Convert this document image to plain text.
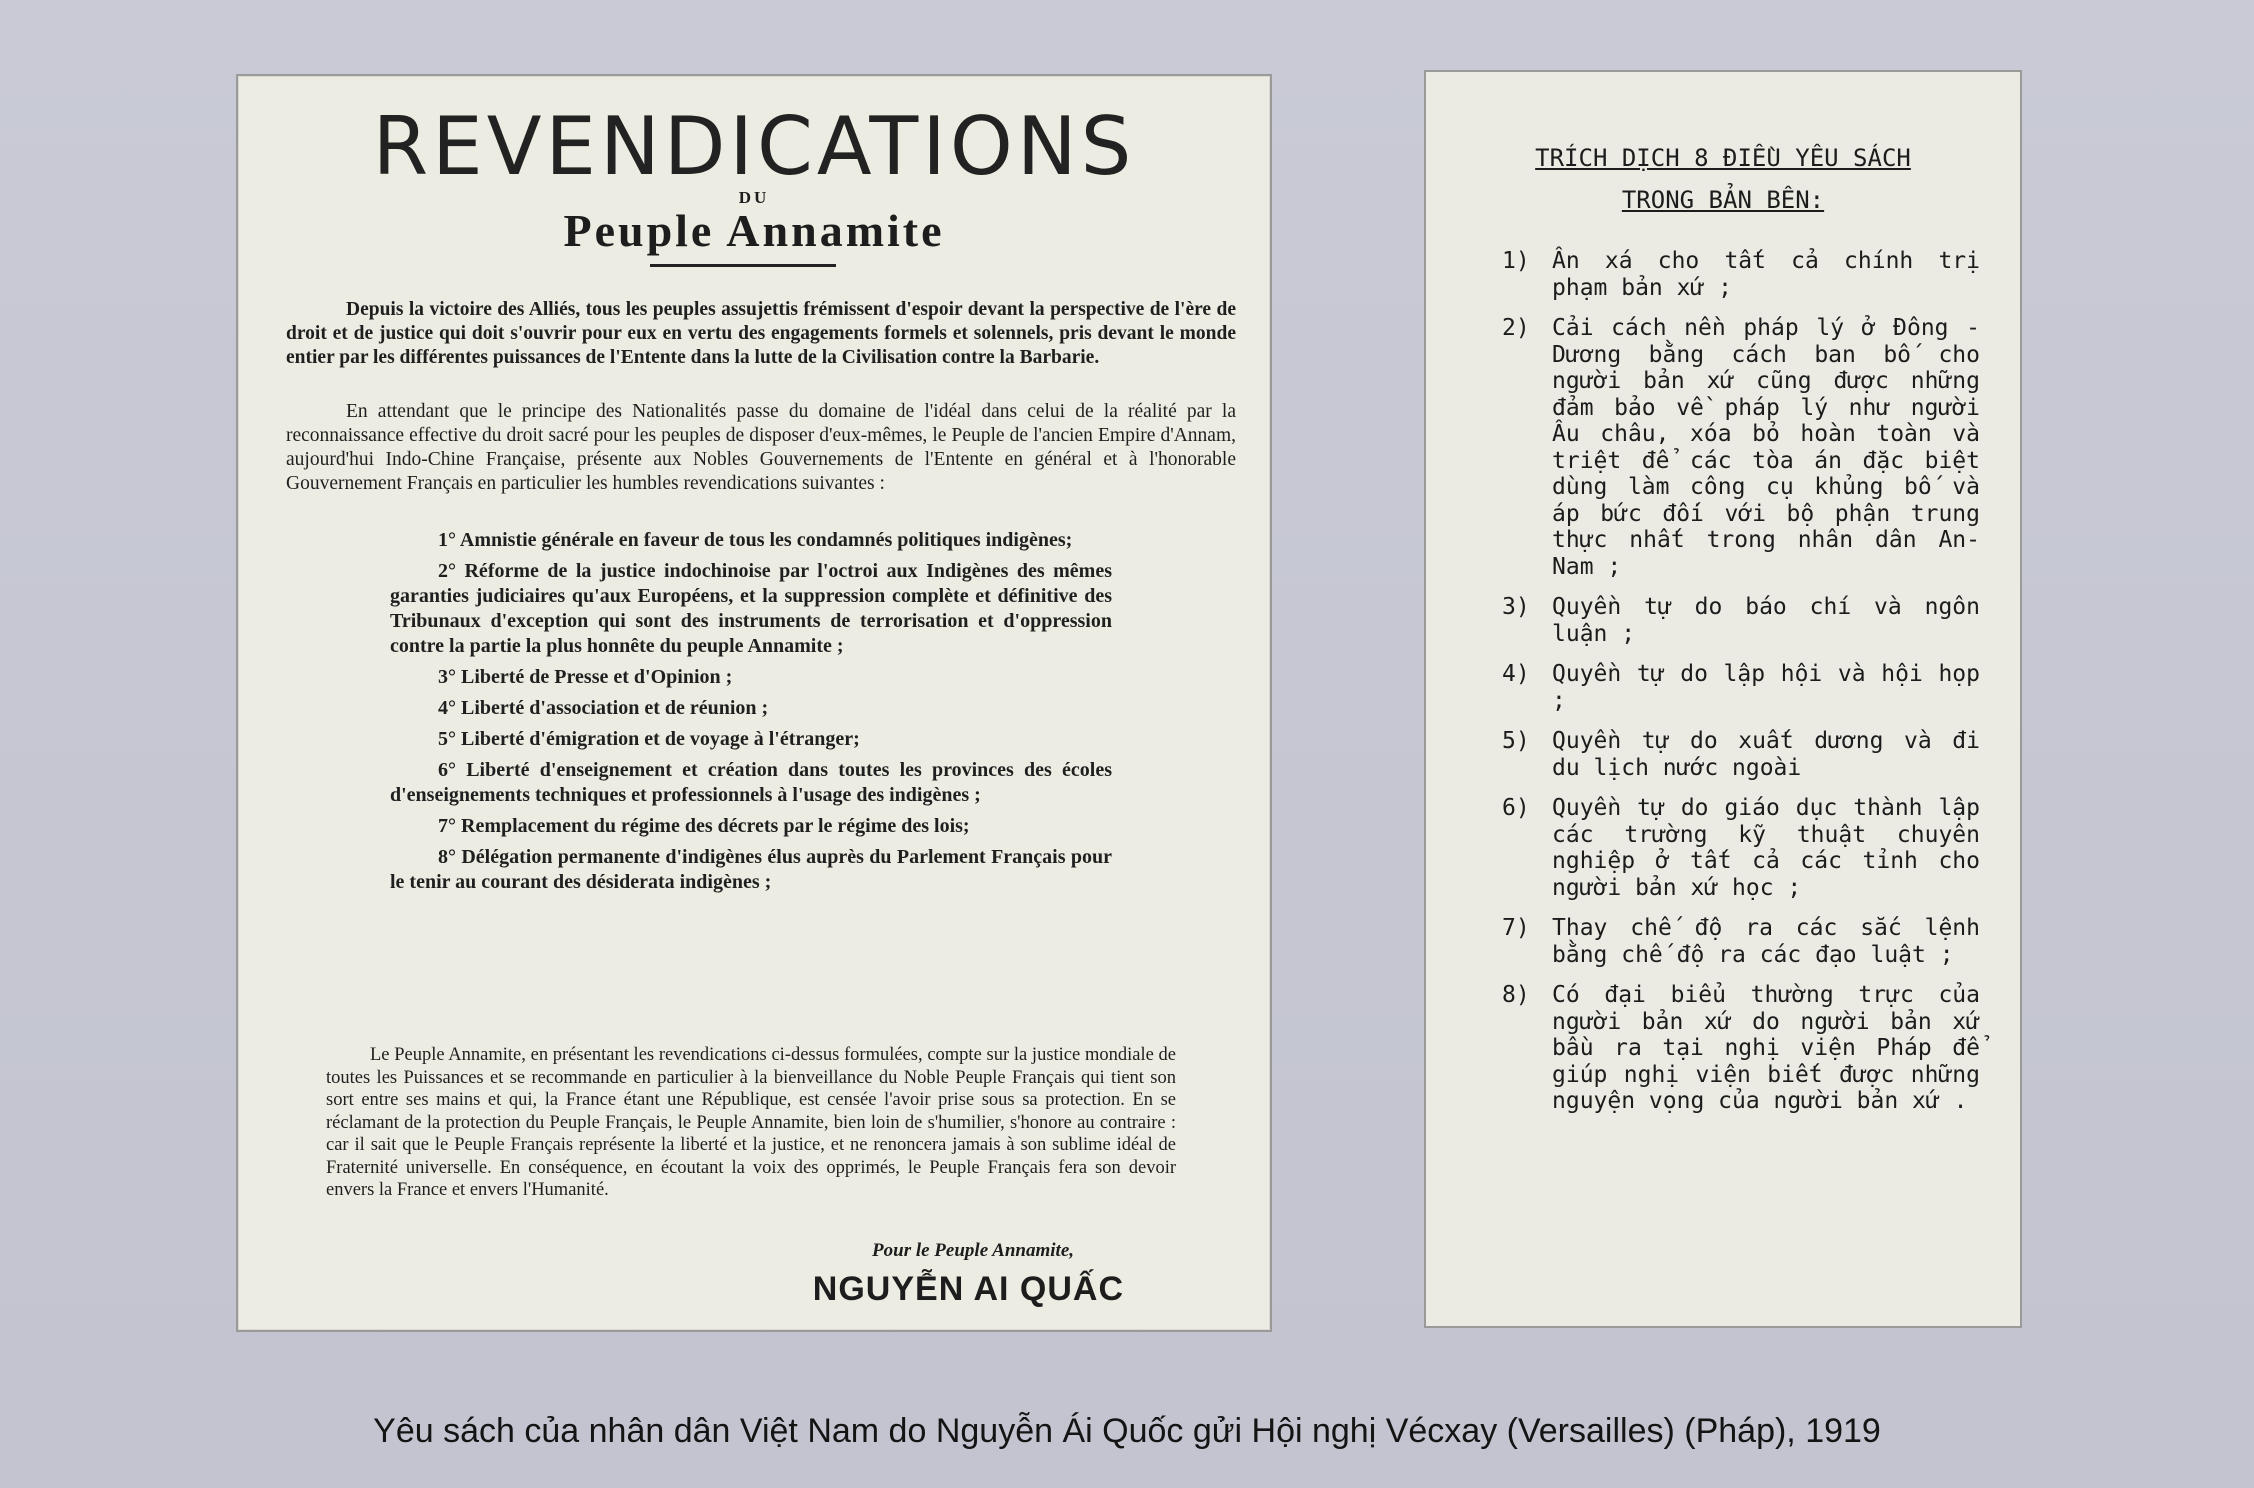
REVENDICATIONS
DU
Peuple Annamite
Depuis la victoire des Alliés, tous les peuples assujettis frémissent d'espoir devant la perspective de l'ère de droit et de justice qui doit s'ouvrir pour eux en vertu des engagements formels et solennels, pris devant le monde entier par les différentes puissances de l'Entente dans la lutte de la Civilisation contre la Barbarie.
En attendant que le principe des Nationalités passe du domaine de l'idéal dans celui de la réalité par la reconnaissance effective du droit sacré pour les peuples de disposer d'eux-mêmes, le Peuple de l'ancien Empire d'Annam, aujourd'hui Indo-Chine Française, présente aux Nobles Gouvernements de l'Entente en général et à l'honorable Gouvernement Français en particulier les humbles revendications suivantes :

1° Amnistie générale en faveur de tous les condamnés politiques indigènes;

2° Réforme de la justice indochinoise par l'octroi aux Indigènes des mêmes garanties judiciaires qu'aux Européens, et la suppression complète et définitive des Tribunaux d'exception qui sont des instruments de terrorisation et d'oppression contre la partie la plus honnête du peuple Annamite ;

3° Liberté de Presse et d'Opinion ;

4° Liberté d'association et de réunion ;

5° Liberté d'émigration et de voyage à l'étranger;

6° Liberté d'enseignement et création dans toutes les provinces des écoles d'enseignements techniques et professionnels à l'usage des indigènes ;

7° Remplacement du régime des décrets par le régime des lois;

8° Délégation permanente d'indigènes élus auprès du Parlement Français pour le tenir au courant des désiderata indigènes ;

Le Peuple Annamite, en présentant les revendications ci-dessus formulées, compte sur la justice mondiale de toutes les Puissances et se recommande en particulier à la bienveillance du Noble Peuple Français qui tient son sort entre ses mains et qui, la France étant une République, est censée l'avoir prise sous sa protection. En se réclamant de la protection du Peuple Français, le Peuple Annamite, bien loin de s'humilier, s'honore au contraire : car il sait que le Peuple Français représente la liberté et la justice, et ne renoncera jamais à son sublime idéal de Fraternité universelle. En conséquence, en écoutant la voix des opprimés, le Peuple Français fera son devoir envers la France et envers l'Humanité.
Pour le Peuple Annamite,
NGUYỄN AI QUẤC
TRÍCH DỊCH 8 ĐIỀU YÊU SÁCH
TRONG BẢN BÊN:
1) Ân xá cho tất cả chính trị phạm bản xứ ;
2) Cải cách nền pháp lý ở Đông - Dương bằng cách ban bố cho người bản xứ cũng được những đảm bảo về pháp lý như người Âu châu, xóa bỏ hoàn toàn và triệt để các tòa án đặc biệt dùng làm công cụ khủng bố và áp bức đối với bộ phận trung thực nhất trong nhân dân An-Nam ;
3) Quyền tự do báo chí và ngôn luận ;
4) Quyền tự do lập hội và hội họp ;
5) Quyền tự do xuất dương và đi du lịch nước ngoài
6) Quyền tự do giáo dục thành lập các trường kỹ thuật chuyên nghiệp ở tất cả các tỉnh cho người bản xứ học ;
7) Thay chế độ ra các sắc lệnh bằng chế độ ra các đạo luật ;
8) Có đại biểu thường trực của người bản xứ do người bản xứ bầu ra tại nghị viện Pháp để giúp nghị viện biết được những nguyện vọng của người bản xứ .
Yêu sách của nhân dân Việt Nam do Nguyễn Ái Quốc gửi Hội nghị Vécxay (Versailles) (Pháp), 1919
